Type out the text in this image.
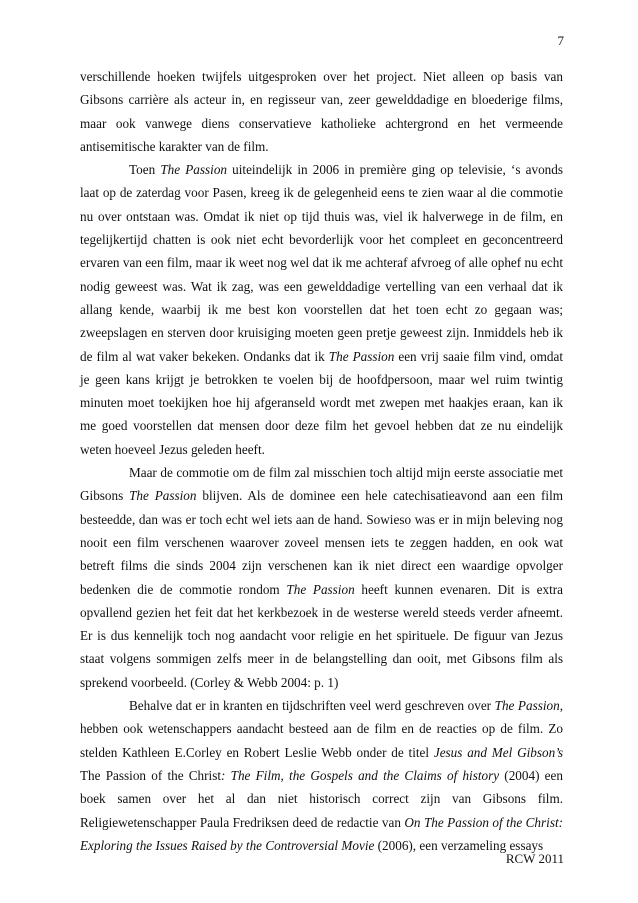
7

verschillende hoeken twijfels uitgesproken over het project. Niet alleen op basis van Gibsons carrière als acteur in, en regisseur van, zeer gewelddadige en bloederige films, maar ook vanwege diens conservatieve katholieke achtergrond en het vermeende antisemitische karakter van de film.

Toen The Passion uiteindelijk in 2006 in première ging op televisie, ‘s avonds laat op de zaterdag voor Pasen, kreeg ik de gelegenheid eens te zien waar al die commotie nu over ontstaan was. Omdat ik niet op tijd thuis was, viel ik halverwege in de film, en tegelijkertijd chatten is ook niet echt bevorderlijk voor het compleet en geconcentreerd ervaren van een film, maar ik weet nog wel dat ik me achteraf afvroeg of alle ophef nu echt nodig geweest was. Wat ik zag, was een gewelddadige vertelling van een verhaal dat ik allang kende, waarbij ik me best kon voorstellen dat het toen echt zo gegaan was; zweepslagen en sterven door kruisiging moeten geen pretje geweest zijn. Inmiddels heb ik de film al wat vaker bekeken. Ondanks dat ik The Passion een vrij saaie film vind, omdat je geen kans krijgt je betrokken te voelen bij de hoofdpersoon, maar wel ruim twintig minuten moet toekijken hoe hij afgeranseld wordt met zwepen met haakjes eraan, kan ik me goed voorstellen dat mensen door deze film het gevoel hebben dat ze nu eindelijk weten hoeveel Jezus geleden heeft.

Maar de commotie om de film zal misschien toch altijd mijn eerste associatie met Gibsons The Passion blijven. Als de dominee een hele catechisatieavond aan een film besteedde, dan was er toch echt wel iets aan de hand. Sowieso was er in mijn beleving nog nooit een film verschenen waarover zoveel mensen iets te zeggen hadden, en ook wat betreft films die sinds 2004 zijn verschenen kan ik niet direct een waardige opvolger bedenken die de commotie rondom The Passion heeft kunnen evenaren. Dit is extra opvallend gezien het feit dat het kerkbezoek in de westerse wereld steeds verder afneemt. Er is dus kennelijk toch nog aandacht voor religie en het spirituele. De figuur van Jezus staat volgens sommigen zelfs meer in de belangstelling dan ooit, met Gibsons film als sprekend voorbeeld. (Corley & Webb 2004: p. 1)

Behalve dat er in kranten en tijdschriften veel werd geschreven over The Passion, hebben ook wetenschappers aandacht besteed aan de film en de reacties op de film. Zo stelden Kathleen E.Corley en Robert Leslie Webb onder de titel Jesus and Mel Gibson’s The Passion of the Christ: The Film, the Gospels and the Claims of history (2004) een boek samen over het al dan niet historisch correct zijn van Gibsons film. Religiewetenschapper Paula Fredriksen deed de redactie van On The Passion of the Christ: Exploring the Issues Raised by the Controversial Movie (2006), een verzameling essays

RCW 2011
